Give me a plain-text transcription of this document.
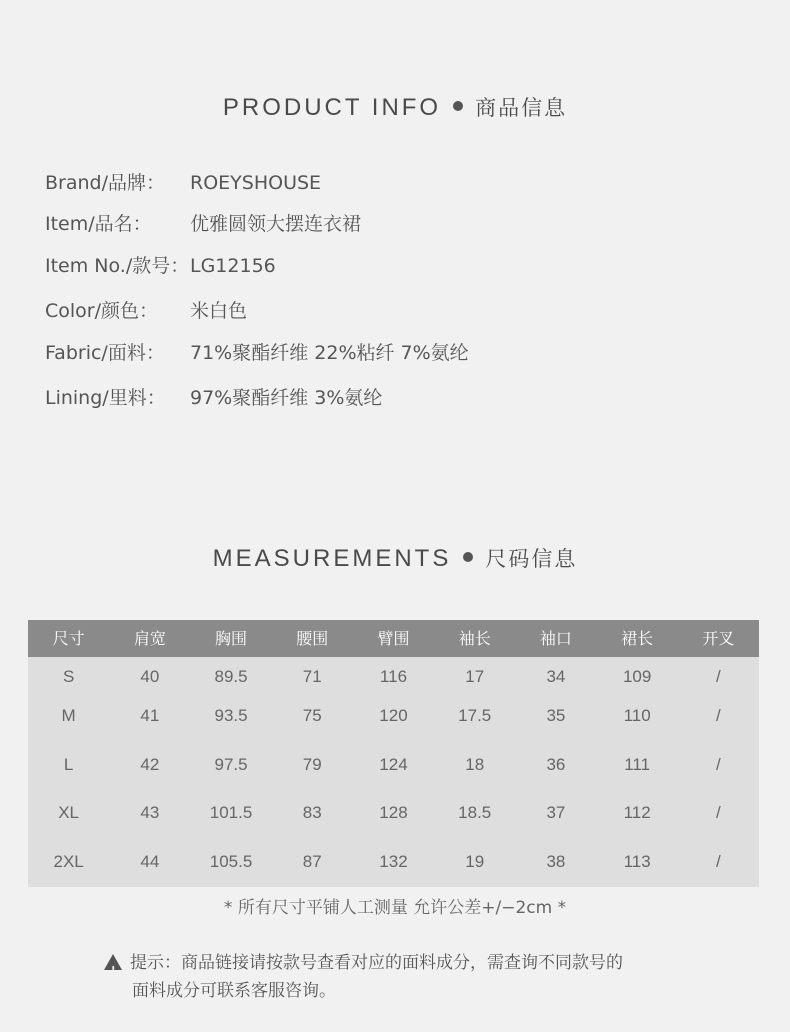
PRODUCT INFO 商品信息
Brand/品牌： ROEYSHOUSE
Item/品名： 优雅圆领大摆连衣裙
Item No./款号：LG12156
Color/颜色： 米白色
Fabric/面料： 71%聚酯纤维 22%粘纤 7%氨纶
Lining/里料： 97%聚酯纤维 3%氨纶
MEASUREMENTS 尺码信息
尺寸	肩宽	胸围	腰围	臂围	袖长	袖口	裙长	开叉
S	40	89.5	71	116	17	34	109	/
M	41	93.5	75	120	17.5	35	110	/
L	42	97.5	79	124	18	36	111	/
XL	43	101.5	83	128	18.5	37	112	/
2XL	44	105.5	87	132	19	38	113	/
* 所有尺寸平铺人工测量 允许公差+/−2cm *
!提示：商品链接请按款号查看对应的面料成分，需查询不同款号的
面料成分可联系客服咨询。
